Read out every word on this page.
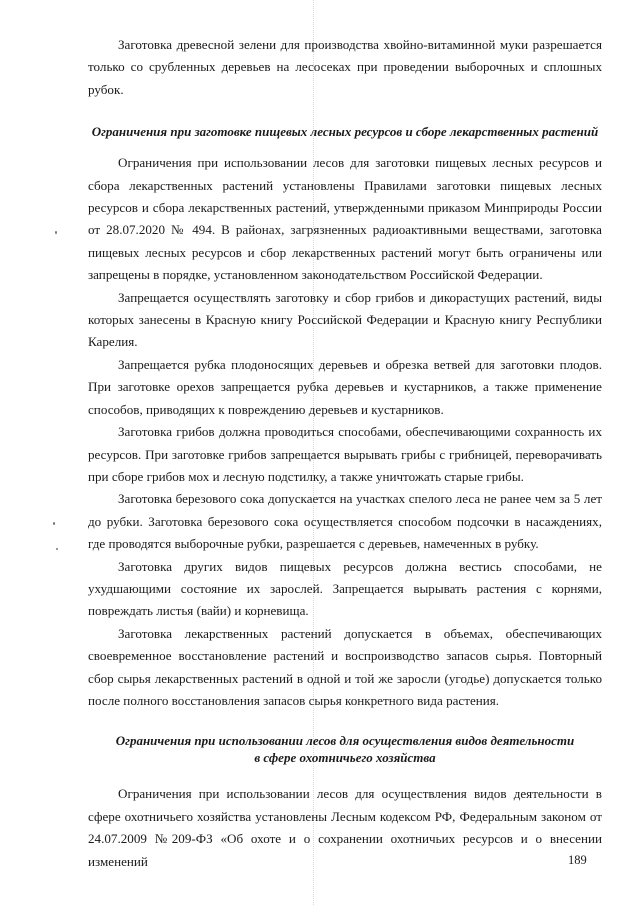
Заготовка древесной зелени для производства хвойно-витаминной муки разрешается только со срубленных деревьев на лесосеках при проведении выборочных и сплошных рубок.

Ограничения при заготовке пищевых лесных ресурсов и сборе лекарственных растений

Ограничения при использовании лесов для заготовки пищевых лесных ресурсов и сбора лекарственных растений установлены Правилами заготовки пищевых лесных ресурсов и сбора лекарственных растений, утвержденными приказом Минприроды России от 28.07.2020 № 494. В районах, загрязненных радиоактивными веществами, заготовка пищевых лесных ресурсов и сбор лекарственных растений могут быть ограничены или запрещены в порядке, установленном законодательством Российской Федерации.

Запрещается осуществлять заготовку и сбор грибов и дикорастущих растений, виды которых занесены в Красную книгу Российской Федерации и Красную книгу Республики Карелия.

Запрещается рубка плодоносящих деревьев и обрезка ветвей для заготовки плодов. При заготовке орехов запрещается рубка деревьев и кустарников, а также применение способов, приводящих к повреждению деревьев и кустарников.

Заготовка грибов должна проводиться способами, обеспечивающими сохранность их ресурсов. При заготовке грибов запрещается вырывать грибы с грибницей, переворачивать при сборе грибов мох и лесную подстилку, а также уничтожать старые грибы.

Заготовка березового сока допускается на участках спелого леса не ранее чем за 5 лет до рубки. Заготовка березового сока осуществляется способом подсочки в насаждениях, где проводятся выборочные рубки, разрешается с деревьев, намеченных в рубку.

Заготовка других видов пищевых ресурсов должна вестись способами, не ухудшающими состояние их зарослей. Запрещается вырывать растения с корнями, повреждать листья (вайи) и корневища.

Заготовка лекарственных растений допускается в объемах, обеспечивающих своевременное восстановление растений и воспроизводство запасов сырья. Повторный сбор сырья лекарственных растений в одной и той же заросли (угодье) допускается только после полного восстановления запасов сырья конкретного вида растения.

Ограничения при использовании лесов для осуществления видов деятельности
в сфере охотничьего хозяйства

Ограничения при использовании лесов для осуществления видов деятельности в сфере охотничьего хозяйства установлены Лесным кодексом РФ, Федеральным законом от 24.07.2009 №209-ФЗ «Об охоте и о сохранении охотничьих ресурсов и о внесении изменений	189
